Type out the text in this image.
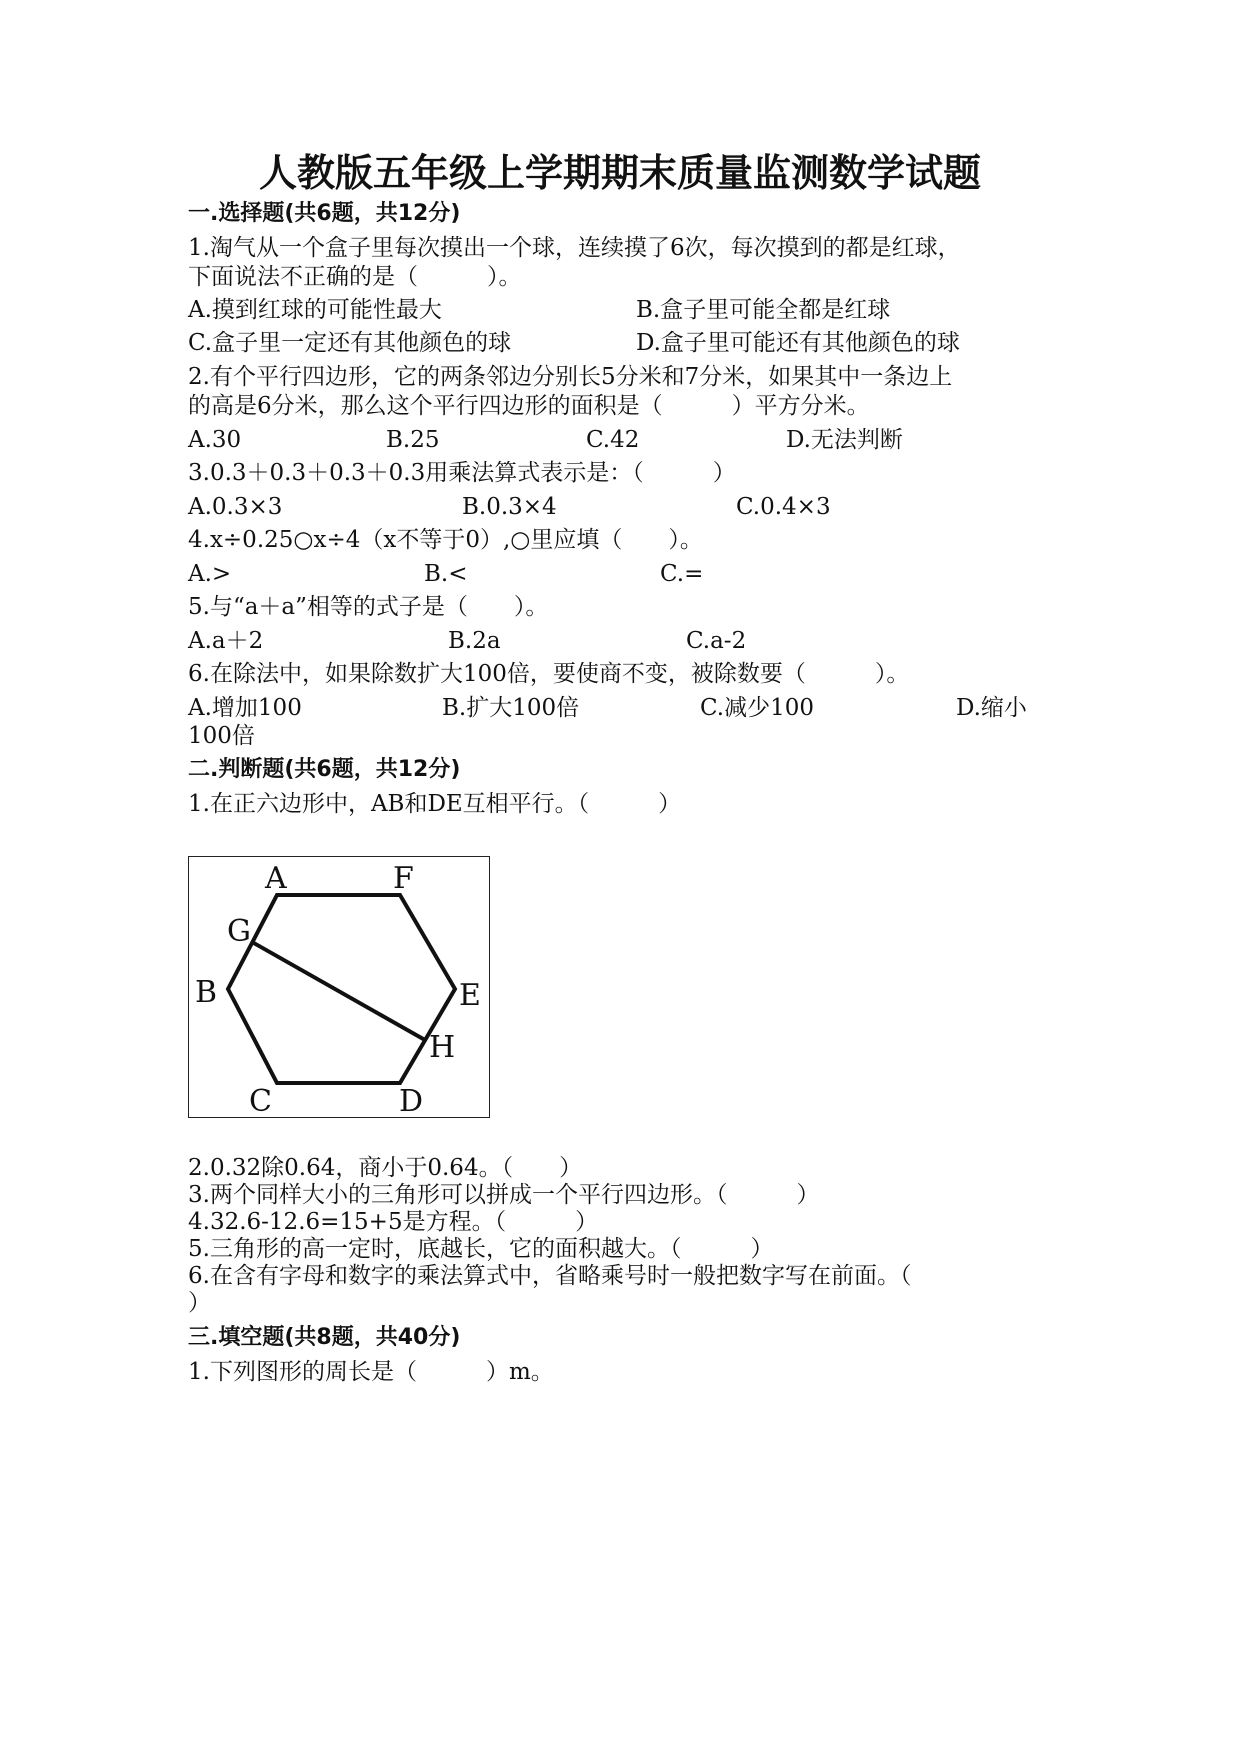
人教版五年级上学期期末质量监测数学试题
一.选择题(共6题，共12分)
1.淘气从一个盒子里每次摸出一个球，连续摸了6次，每次摸到的都是红球，
下面说法不正确的是（　　　）。
A.摸到红球的可能性最大	B.盒子里可能全都是红球
C.盒子里一定还有其他颜色的球	D.盒子里可能还有其他颜色的球
2.有个平行四边形，它的两条邻边分别长5分米和7分米，如果其中一条边上
的高是6分米，那么这个平行四边形的面积是（　　　）平方分米。
A.30	B.25	C.42	D.无法判断
3.0.3＋0.3＋0.3＋0.3用乘法算式表示是：（　　　）
A.0.3×3	B.0.3×4	C.0.4×3
4.x÷0.25○x÷4（x不等于0）,○里应填（　　）。
A.>	B.<	C.=
5.与“a＋a”相等的式子是（　　）。
A.a＋2	B.2a	C.a-2
6.在除法中，如果除数扩大100倍，要使商不变，被除数要（　　　）。
A.增加100	B.扩大100倍	C.减少100	D.缩小
100倍
二.判断题(共6题，共12分)
1.在正六边形中，AB和DE互相平行。（　　　）
A	F
G
B	E
H
C	D
2.0.32除0.64，商小于0.64。（　　）
3.两个同样大小的三角形可以拼成一个平行四边形。（　　　）
4.32.6-12.6=15+5是方程。（　　　）
5.三角形的高一定时，底越长，它的面积越大。（　　　）
6.在含有字母和数字的乘法算式中，省略乘号时一般把数字写在前面。（
）
三.填空题(共8题，共40分)
1.下列图形的周长是（　　　）m。
